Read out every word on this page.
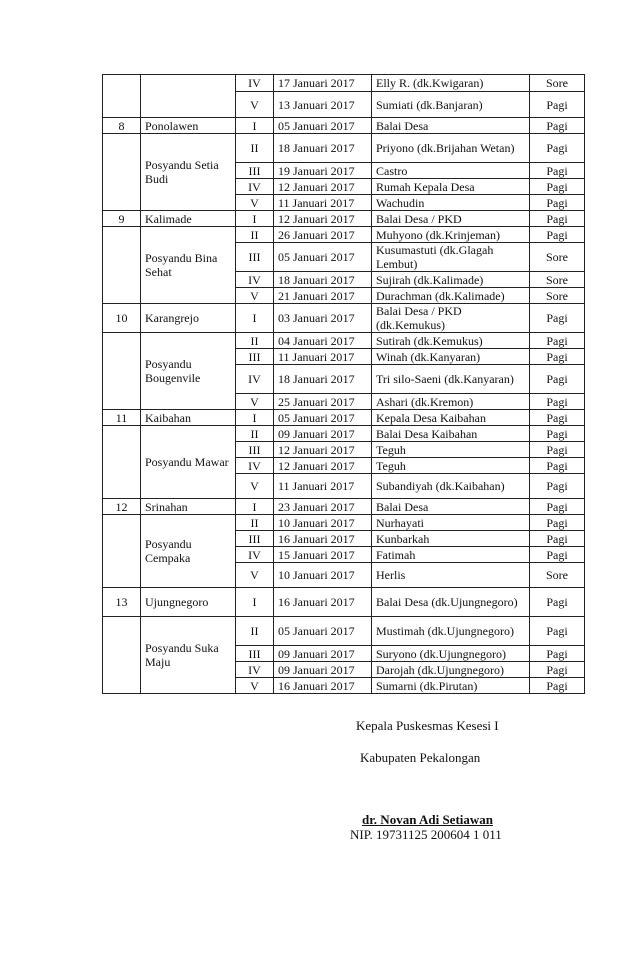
		IV	17 Januari 2017	Elly R. (dk.Kwigaran)	Sore
		V	13 Januari 2017	Sumiati (dk.Banjaran)	Pagi
8	Ponolawen	I	05 Januari 2017	Balai Desa	Pagi
	Posyandu Setia Budi	II	18 Januari 2017	Priyono (dk.Brijahan Wetan)	Pagi
		III	19 Januari 2017	Castro	Pagi
		IV	12 Januari 2017	Rumah Kepala Desa	Pagi
		V	11 Januari 2017	Wachudin	Pagi
9	Kalimade	I	12 Januari 2017	Balai Desa / PKD	Pagi
	Posyandu Bina Sehat	II	26 Januari 2017	Muhyono (dk.Krinjeman)	Pagi
		III	05 Januari 2017	Kusumastuti (dk.Glagah Lembut)	Sore
		IV	18 Januari 2017	Sujirah (dk.Kalimade)	Sore
		V	21 Januari 2017	Durachman (dk.Kalimade)	Sore
10	Karangrejo	I	03 Januari 2017	Balai Desa / PKD (dk.Kemukus)	Pagi
	Posyandu Bougenvile	II	04 Januari 2017	Sutirah (dk.Kemukus)	Pagi
		III	11 Januari 2017	Winah (dk.Kanyaran)	Pagi
		IV	18 Januari 2017	Tri silo-Saeni (dk.Kanyaran)	Pagi
		V	25 Januari 2017	Ashari (dk.Kremon)	Pagi
11	Kaibahan	I	05 Januari 2017	Kepala Desa Kaibahan	Pagi
	Posyandu Mawar	II	09 Januari 2017	Balai Desa Kaibahan	Pagi
		III	12 Januari 2017	Teguh	Pagi
		IV	12 Januari 2017	Teguh	Pagi
		V	11 Januari 2017	Subandiyah (dk.Kaibahan)	Pagi
12	Srinahan	I	23 Januari 2017	Balai Desa	Pagi
	Posyandu Cempaka	II	10 Januari 2017	Nurhayati	Pagi
		III	16 Januari 2017	Kunbarkah	Pagi
		IV	15 Januari 2017	Fatimah	Pagi
		V	10 Januari 2017	Herlis	Sore
13	Ujungnegoro	I	16 Januari 2017	Balai Desa (dk.Ujungnegoro)	Pagi
	Posyandu Suka Maju	II	05 Januari 2017	Mustimah (dk.Ujungnegoro)	Pagi
		III	09 Januari 2017	Suryono (dk.Ujungnegoro)	Pagi
		IV	09 Januari 2017	Darojah (dk.Ujungnegoro)	Pagi
		V	16 Januari 2017	Sumarni (dk.Pirutan)	Pagi
Kepala Puskesmas Kesesi I
Kabupaten Pekalongan
dr. Novan Adi Setiawan
NIP. 19731125 200604 1 011
